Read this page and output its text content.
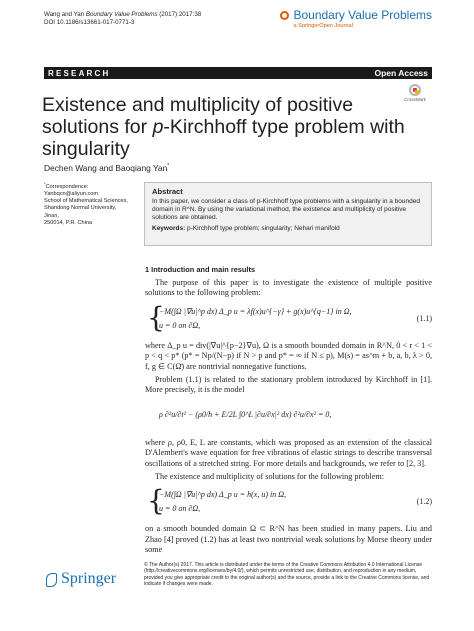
Wang and Yan Boundary Value Problems (2017) 2017:38
DOI 10.1186/s13661-017-0771-3
Boundary Value Problems
a SpringerOpen Journal
RESEARCH	Open Access
CrossMark
Existence and multiplicity of positive solutions for p-Kirchhoff type problem with singularity
Dechen Wang and Baoqiang Yan*
*Correspondence:
Yanbqcn@aliyun.com
School of Mathematical Sciences,
Shandong Normal University, Jinan,
250014, P.R. China
Abstract
In this paper, we consider a class of p-Kirchhoff type problems with a singularity in a bounded domain in R^N. By using the variational method, the existence and multiplicity of positive solutions are obtained.
Keywords: p-Kirchhoff type problem; singularity; Nehari manifold
1 Introduction and main results
The purpose of this paper is to investigate the existence of multiple positive solutions to the following problem:
{
−M(∫Ω |∇u|^p dx) Δ_p u = λf(x)u^{−γ} + g(x)u^{q−1} in Ω,
u = 0 on ∂Ω,
(1.1)
where Δ_p u = div(|∇u|^{p−2}∇u), Ω is a smooth bounded domain in R^N, 0 < r < 1 < p < q < p* (p* = Np/(N−p) if N > p and p* = ∞ if N ≤ p), M(s) = as^m + b, a, b, λ > 0, f, g ∈ C(Ω̄) are nontrivial nonnegative functions.
Problem (1.1) is related to the stationary problem introduced by Kirchhoff in [1]. More precisely, it is the model
ρ ∂²u/∂t² − (ρ0/h + E/2L ∫0^L |∂u/∂x|² dx) ∂²u/∂x² = 0,
where ρ, ρ0, E, L are constants, which was proposed as an extension of the classical D'Alembert's wave equation for free vibrations of elastic strings to describe transversal oscillations of a stretched string. For more details and backgrounds, we refer to [2, 3].
The existence and multiplicity of solutions for the following problem:
{
−M(∫Ω |∇u|^p dx) Δ_p u = h(x, u) in Ω,
u = 0 on ∂Ω,
(1.2)
on a smooth bounded domain Ω ⊂ R^N has been studied in many papers. Liu and Zhao [4] proved (1.2) has at least two nontrivial weak solutions by Morse theory under some
Springer
© The Author(s) 2017. This article is distributed under the terms of the Creative Commons Attribution 4.0 International License (http://creativecommons.org/licenses/by/4.0/), which permits unrestricted use, distribution, and reproduction in any medium, provided you give appropriate credit to the original author(s) and the source, provide a link to the Creative Commons license, and indicate if changes were made.
